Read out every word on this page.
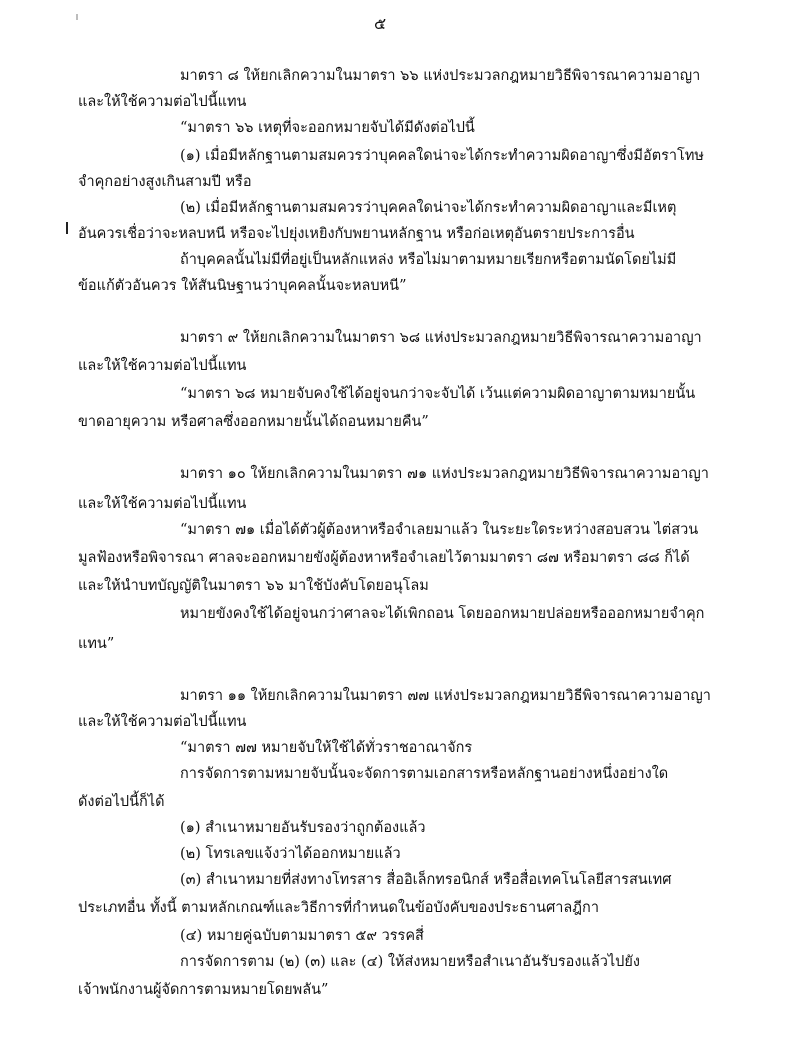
๕
มาตรา ๘ ให้ยกเลิกความในมาตรา ๖๖ แห่งประมวลกฎหมายวิธีพิจารณาความอาญา
และให้ใช้ความต่อไปนี้แทน
“มาตรา ๖๖ เหตุที่จะออกหมายจับได้มีดังต่อไปนี้
(๑) เมื่อมีหลักฐานตามสมควรว่าบุคคลใดน่าจะได้กระทำความผิดอาญาซึ่งมีอัตราโทษ
จำคุกอย่างสูงเกินสามปี หรือ
(๒) เมื่อมีหลักฐานตามสมควรว่าบุคคลใดน่าจะได้กระทำความผิดอาญาและมีเหตุ
อันควรเชื่อว่าจะหลบหนี หรือจะไปยุ่งเหยิงกับพยานหลักฐาน หรือก่อเหตุอันตรายประการอื่น
ถ้าบุคคลนั้นไม่มีที่อยู่เป็นหลักแหล่ง หรือไม่มาตามหมายเรียกหรือตามนัดโดยไม่มี
ข้อแก้ตัวอันควร ให้สันนิษฐานว่าบุคคลนั้นจะหลบหนี”
มาตรา ๙ ให้ยกเลิกความในมาตรา ๖๘ แห่งประมวลกฎหมายวิธีพิจารณาความอาญา
และให้ใช้ความต่อไปนี้แทน
“มาตรา ๖๘ หมายจับคงใช้ได้อยู่จนกว่าจะจับได้ เว้นแต่ความผิดอาญาตามหมายนั้น
ขาดอายุความ หรือศาลซึ่งออกหมายนั้นได้ถอนหมายคืน”
มาตรา ๑๐ ให้ยกเลิกความในมาตรา ๗๑ แห่งประมวลกฎหมายวิธีพิจารณาความอาญา
และให้ใช้ความต่อไปนี้แทน
“มาตรา ๗๑ เมื่อได้ตัวผู้ต้องหาหรือจำเลยมาแล้ว ในระยะใดระหว่างสอบสวน ไต่สวน
มูลฟ้องหรือพิจารณา ศาลจะออกหมายขังผู้ต้องหาหรือจำเลยไว้ตามมาตรา ๘๗ หรือมาตรา ๘๘ ก็ได้
และให้นำบทบัญญัติในมาตรา ๖๖ มาใช้บังคับโดยอนุโลม
หมายขังคงใช้ได้อยู่จนกว่าศาลจะได้เพิกถอน โดยออกหมายปล่อยหรือออกหมายจำคุก
แทน”
มาตรา ๑๑ ให้ยกเลิกความในมาตรา ๗๗ แห่งประมวลกฎหมายวิธีพิจารณาความอาญา
และให้ใช้ความต่อไปนี้แทน
“มาตรา ๗๗ หมายจับให้ใช้ได้ทั่วราชอาณาจักร
การจัดการตามหมายจับนั้นจะจัดการตามเอกสารหรือหลักฐานอย่างหนึ่งอย่างใด
ดังต่อไปนี้ก็ได้
(๑) สำเนาหมายอันรับรองว่าถูกต้องแล้ว
(๒) โทรเลขแจ้งว่าได้ออกหมายแล้ว
(๓) สำเนาหมายที่ส่งทางโทรสาร สื่ออิเล็กทรอนิกส์ หรือสื่อเทคโนโลยีสารสนเทศ
ประเภทอื่น ทั้งนี้ ตามหลักเกณฑ์และวิธีการที่กำหนดในข้อบังคับของประธานศาลฎีกา
(๔) หมายคู่ฉบับตามมาตรา ๕๙ วรรคสี่
การจัดการตาม (๒) (๓) และ (๔) ให้ส่งหมายหรือสำเนาอันรับรองแล้วไปยัง
เจ้าพนักงานผู้จัดการตามหมายโดยพลัน”
